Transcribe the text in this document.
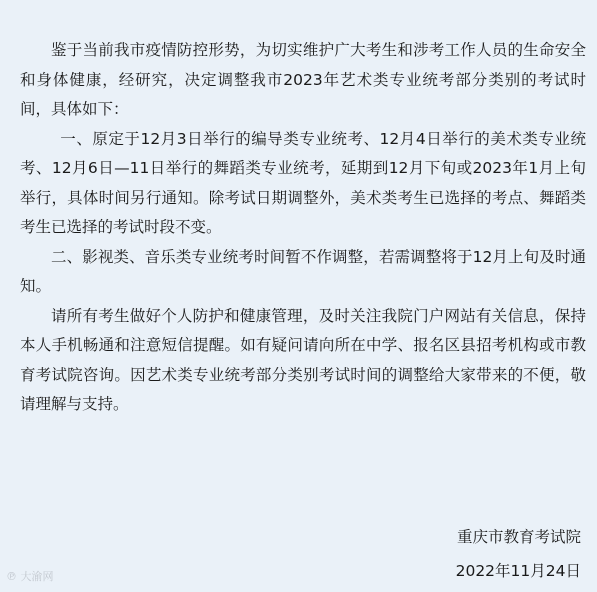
鉴于当前我市疫情防控形势，为切实维护广大考生和涉考工作人员的生命安全和身体健康，经研究，决定调整我市2023年艺术类专业统考部分类别的考试时间，具体如下：

一、原定于12月3日举行的编导类专业统考、12月4日举行的美术类专业统考、12月6日—11日举行的舞蹈类专业统考，延期到12月下旬或2023年1月上旬举行，具体时间另行通知。除考试日期调整外，美术类考生已选择的考点、舞蹈类考生已选择的考试时段不变。

二、影视类、音乐类专业统考时间暂不作调整，若需调整将于12月上旬及时通知。

请所有考生做好个人防护和健康管理，及时关注我院门户网站有关信息，保持本人手机畅通和注意短信提醒。如有疑问请向所在中学、报名区县招考机构或市教育考试院咨询。因艺术类专业统考部分类别考试时间的调整给大家带来的不便，敬请理解与支持。

重庆市教育考试院
2022年11月24日
℗ 大渝网
